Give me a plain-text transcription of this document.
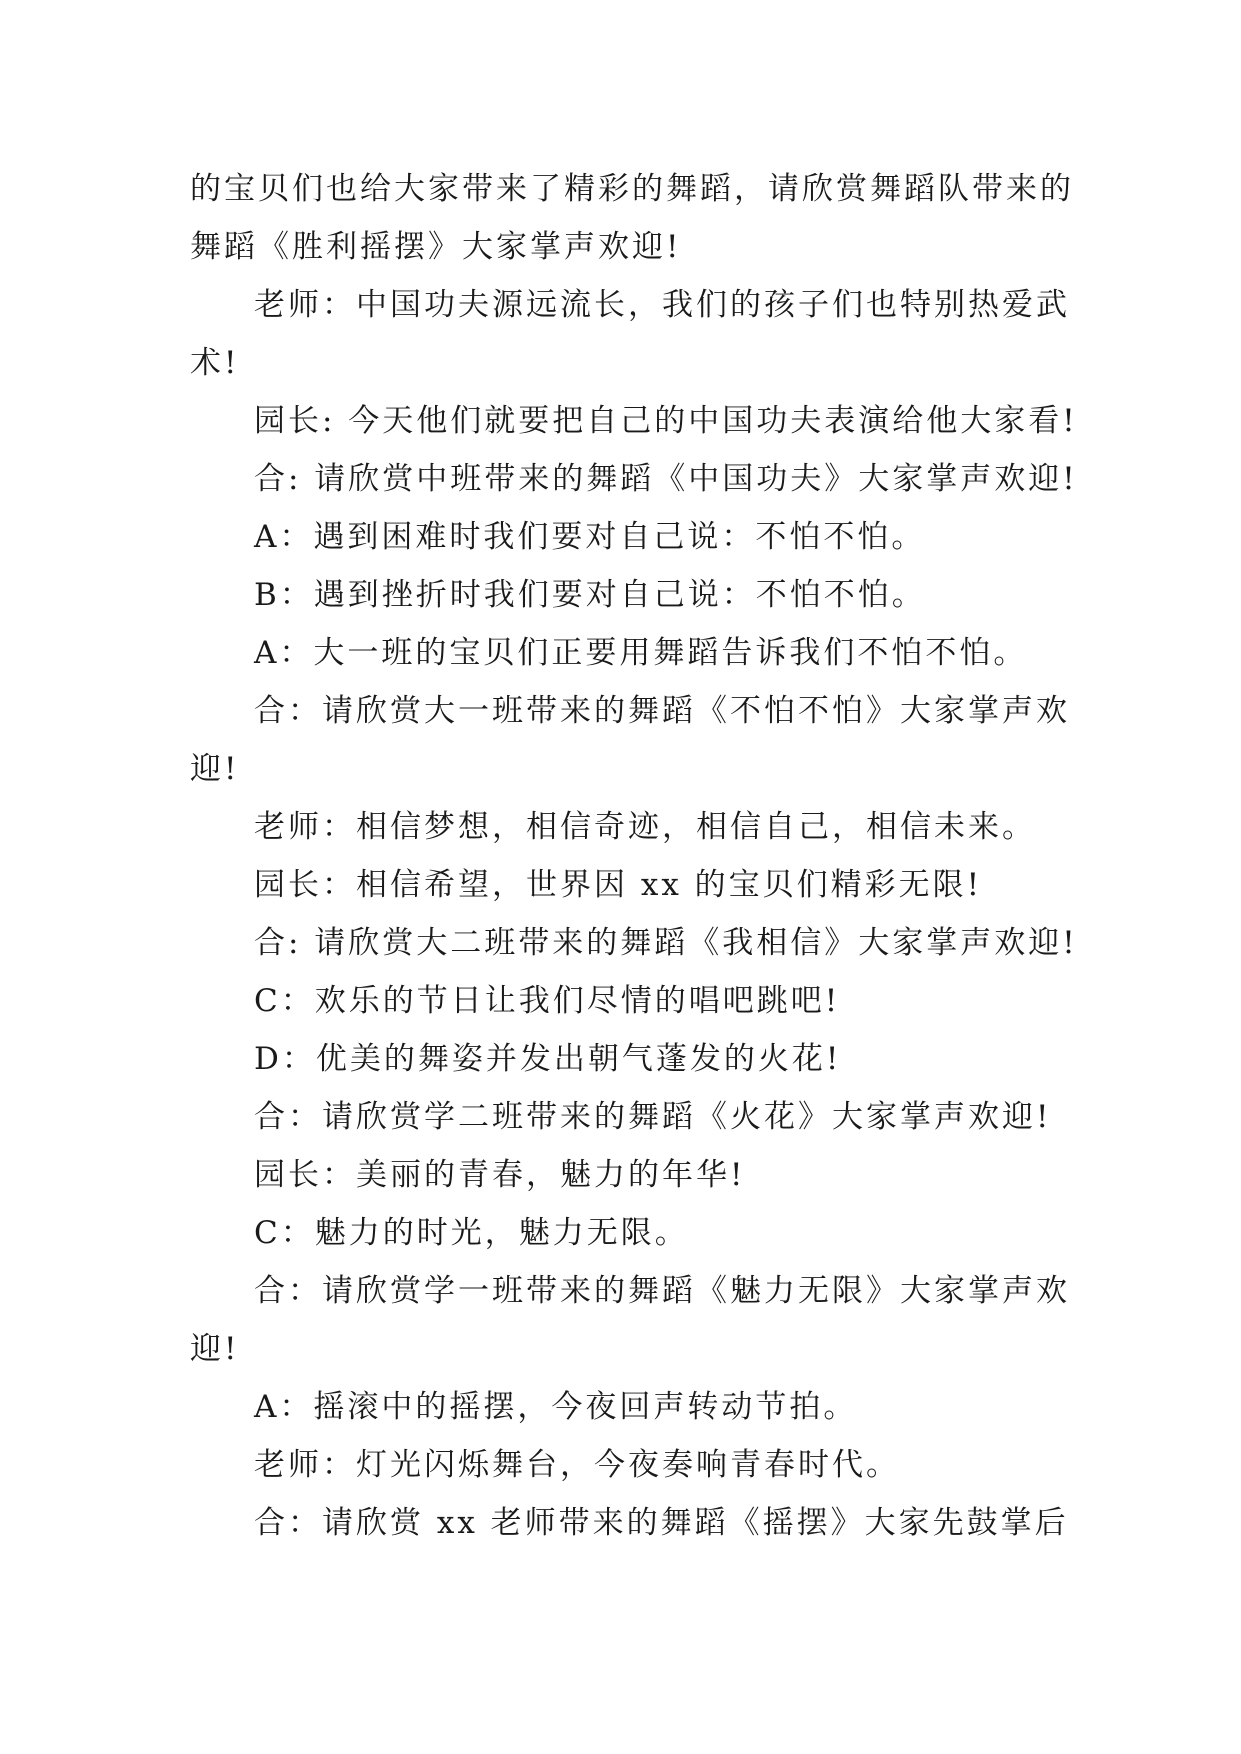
的宝贝们也给大家带来了精彩的舞蹈，请欣赏舞蹈队带来的
舞蹈《胜利摇摆》大家掌声欢迎!
老师：中国功夫源远流长，我们的孩子们也特别热爱武
术!
园长: 今天他们就要把自己的中国功夫表演给他大家看!
合: 请欣赏中班带来的舞蹈《中国功夫》大家掌声欢迎!
A：遇到困难时我们要对自己说：不怕不怕。
B：遇到挫折时我们要对自己说：不怕不怕。
A：大一班的宝贝们正要用舞蹈告诉我们不怕不怕。
合：请欣赏大一班带来的舞蹈《不怕不怕》大家掌声欢
迎!
老师：相信梦想，相信奇迹，相信自己，相信未来。
园长：相信希望，世界因 xx 的宝贝们精彩无限!
合: 请欣赏大二班带来的舞蹈《我相信》大家掌声欢迎!
C：欢乐的节日让我们尽情的唱吧跳吧!
D：优美的舞姿并发出朝气蓬发的火花!
合：请欣赏学二班带来的舞蹈《火花》大家掌声欢迎!
园长：美丽的青春，魅力的年华!
C：魅力的时光，魅力无限。
合：请欣赏学一班带来的舞蹈《魅力无限》大家掌声欢
迎!
A：摇滚中的摇摆，今夜回声转动节拍。
老师：灯光闪烁舞台，今夜奏响青春时代。
合：请欣赏 xx 老师带来的舞蹈《摇摆》大家先鼓掌后
